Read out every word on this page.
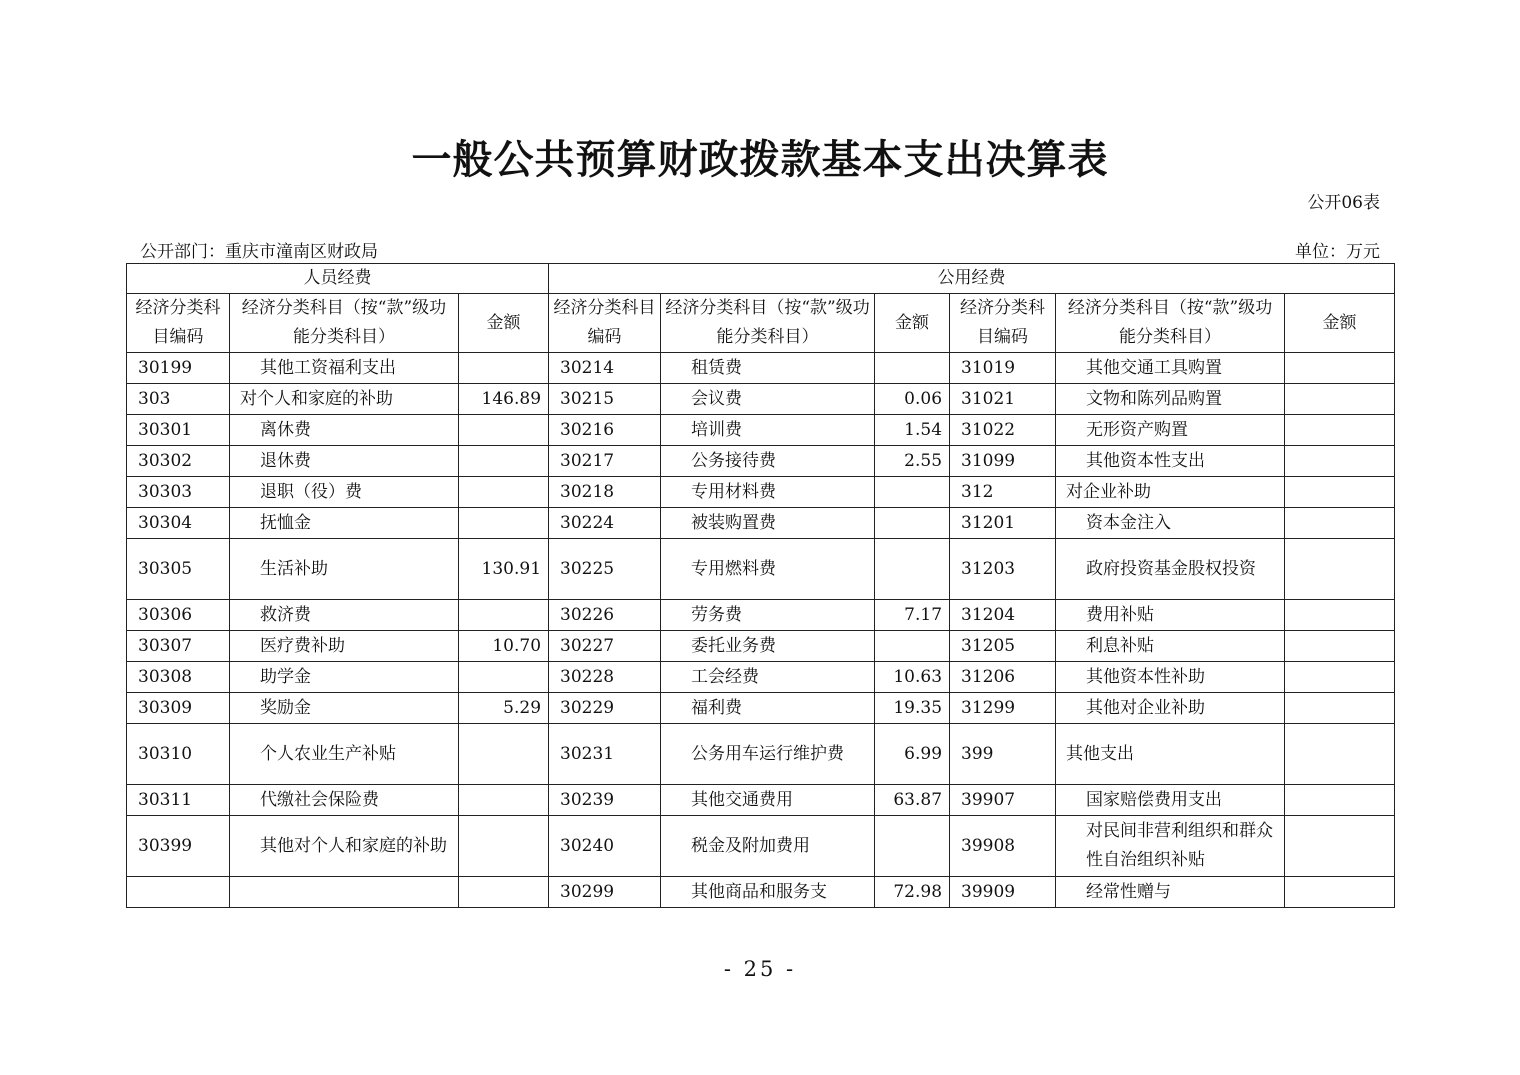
一般公共预算财政拨款基本支出决算表
公开06表
公开部门：重庆市潼南区财政局	单位：万元
人员经费			公用经费					
经济分类科目编码	经济分类科目（按“款”级功能分类科目）	金额	经济分类科目编码	经济分类科目（按“款”级功能分类科目）	金额	经济分类科目编码	经济分类科目（按“款”级功能分类科目）	金额
30199	其他工资福利支出		30214	租赁费		31019	其他交通工具购置	
303	对个人和家庭的补助	146.89	30215	会议费	0.06	31021	文物和陈列品购置	
30301	离休费		30216	培训费	1.54	31022	无形资产购置	
30302	退休费		30217	公务接待费	2.55	31099	其他资本性支出	
30303	退职（役）费		30218	专用材料费		312	对企业补助	
30304	抚恤金		30224	被装购置费		31201	资本金注入	
30305	生活补助	130.91	30225	专用燃料费		31203	政府投资基金股权投资	
30306	救济费		30226	劳务费	7.17	31204	费用补贴	
30307	医疗费补助	10.70	30227	委托业务费		31205	利息补贴	
30308	助学金		30228	工会经费	10.63	31206	其他资本性补助	
30309	奖励金	5.29	30229	福利费	19.35	31299	其他对企业补助	
30310	个人农业生产补贴		30231	公务用车运行维护费	6.99	399	其他支出	
30311	代缴社会保险费		30239	其他交通费用	63.87	39907	国家赔偿费用支出	
30399	其他对个人和家庭的补助		30240	税金及附加费用		39908	对民间非营利组织和群众性自治组织补贴	
			30299	其他商品和服务支	72.98	39909	经常性赠与	
- 25 -
